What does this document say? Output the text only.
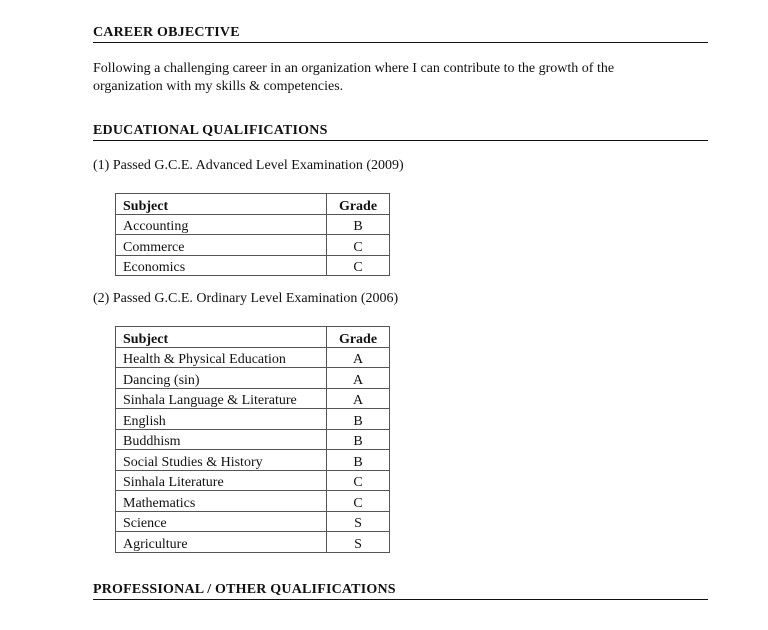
CAREER OBJECTIVE
Following a challenging career in an organization where I can contribute to the growth of the
organization with my skills & competencies.
EDUCATIONAL QUALIFICATIONS
(1) Passed G.C.E. Advanced Level Examination (2009)
Subject	Grade
Accounting	B
Commerce	C
Economics	C
(2) Passed G.C.E. Ordinary Level Examination (2006)
Subject	Grade
Health & Physical Education	A
Dancing (sin)	A
Sinhala Language & Literature	A
English	B
Buddhism	B
Social Studies & History	B
Sinhala Literature	C
Mathematics	C
Science	S
Agriculture	S
PROFESSIONAL / OTHER QUALIFICATIONS
